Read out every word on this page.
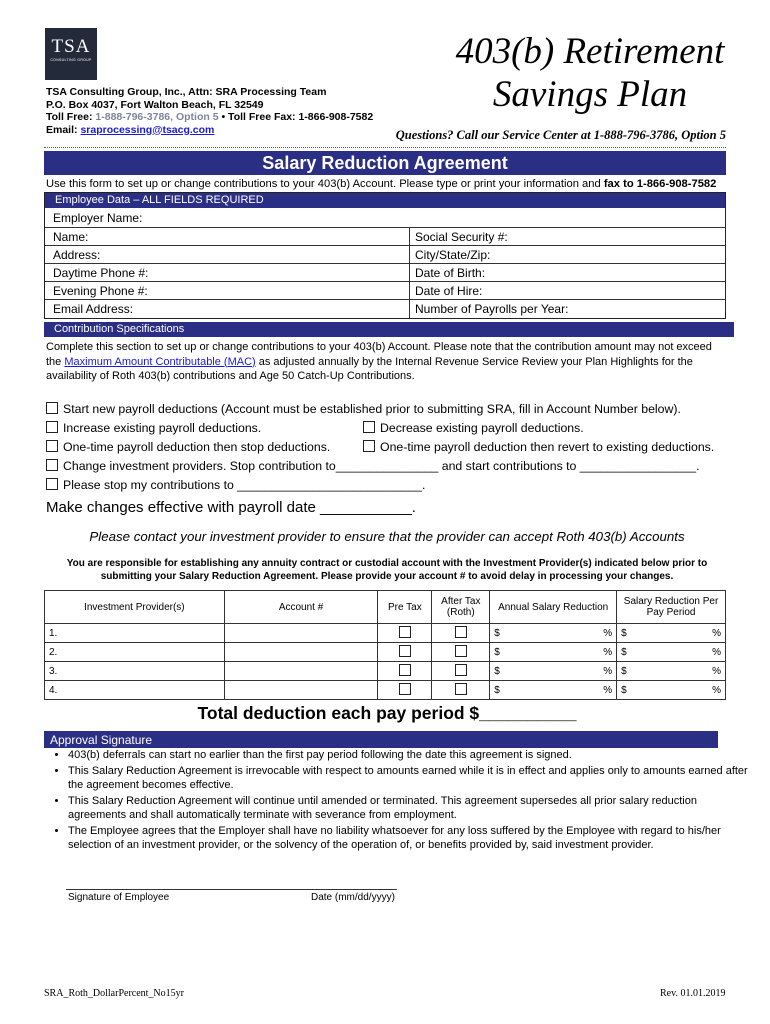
TSA
CONSULTING GROUP
TSA Consulting Group, Inc., Attn: SRA Processing Team
P.O. Box 4037, Fort Walton Beach, FL 32549
Toll Free: 1-888-796-3786, Option 5 • Toll Free Fax: 1-866-908-7582
Email: sraprocessing@tsacg.com
403(b) Retirement
Savings Plan
Questions? Call our Service Center at 1-888-796-3786, Option 5
Salary Reduction Agreement
Use this form to set up or change contributions to your 403(b) Account. Please type or print your information and fax to 1-866-908-7582
Employee Data – ALL FIELDS REQUIRED
Employer Name:
Name:	Social Security #:
Address:	City/State/Zip:
Daytime Phone #:	Date of Birth:
Evening Phone #:	Date of Hire:
Email Address:	Number of Payrolls per Year:
Contribution Specifications
Complete this section to set up or change contributions to your 403(b) Account. Please note that the contribution amount may not exceed the Maximum Amount Contributable (MAC) as adjusted annually by the Internal Revenue Service Review your Plan Highlights for the availability of Roth 403(b) contributions and Age 50 Catch-Up Contributions.
Start new payroll deductions (Account must be established prior to submitting SRA, fill in Account Number below).
Increase existing payroll deductions.	Decrease existing payroll deductions.
One-time payroll deduction then stop deductions.	One-time payroll deduction then revert to existing deductions.
Change investment providers. Stop contribution to_______________ and start contributions to _________________.
Please stop my contributions to ___________________________.
Make changes effective with payroll date ___________.
Please contact your investment provider to ensure that the provider can accept Roth 403(b) Accounts
You are responsible for establishing any annuity contract or custodial account with the Investment Provider(s) indicated below prior to submitting your Salary Reduction Agreement. Please provide your account # to avoid delay in processing your changes.
Investment Provider(s)	Account #	Pre Tax	After Tax (Roth)	Annual Salary Reduction	Salary Reduction Per Pay Period
1.				$ %	$ %

2.				$ %	$ %

3.				$ %	$ %

4.				$ %	$ %
Total deduction each pay period $__________
Approval Signature
• 403(b) deferrals can start no earlier than the first pay period following the date this agreement is signed.
• This Salary Reduction Agreement is irrevocable with respect to amounts earned while it is in effect and applies only to amounts earned after the agreement becomes effective.
• This Salary Reduction Agreement will continue until amended or terminated. This agreement supersedes all prior salary reduction agreements and shall automatically terminate with severance from employment.
• The Employee agrees that the Employer shall have no liability whatsoever for any loss suffered by the Employee with regard to his/her selection of an investment provider, or the solvency of the operation of, or benefits provided by, said investment provider.
Signature of Employee	Date (mm/dd/yyyy)
SRA_Roth_DollarPercent_No15yr	Rev. 01.01.2019
